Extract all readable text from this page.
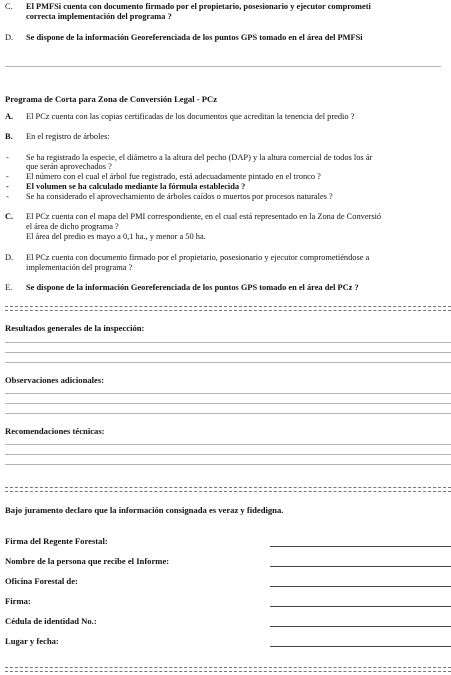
C. El PMFSi cuenta con documento firmado por el propietario, posesionario y ejecutor comprometi
correcta implementación del programa ?
D. Se dispone de la información Georeferenciada de los puntos GPS tomado en el área del PMFSi
Programa de Corta para Zona de Conversión Legal - PCz
A. El PCz cuenta con las copias certificadas de los documentos que acreditan la tenencia del predio ?
B. En el registro de árboles:
- Se ha registrado la especie, el diámetro a la altura del pecho (DAP) y la altura comercial de todos los ár
que serán aprovechados ?
- El número con el cual el árbol fue registrado, está adecuadamente pintado en el tronco ?
- El volumen se ha calculado mediante la fórmula establecida ?
- Se ha considerado el aprovechamiento de árboles caídos o muertos por procesos naturales ?
C. El PCz cuenta con el mapa del PMI correspondiente, en el cual está representado en la Zona de Conversió
el área de dicho programa ?
El área del predio es mayo a 0,1 ha., y menor a 50 ha.
D. El PCz cuenta con documento firmado por el propietario, posesionario y ejecutor comprometiéndose a
implementación del programa ?
E. Se dispone de la información Georeferenciada de los puntos GPS tomado en el área del PCz ?
Resultados generales de la inspección:
Observaciones adicionales:
Recomendaciones técnicas:
Bajo juramento declaro que la información consignada es veraz y fidedigna.
Firma del Regente Forestal:
Nombre de la persona que recibe el Informe:
Oficina Forestal de:
Firma:
Cédula de identidad No.:
Lugar y fecha:
